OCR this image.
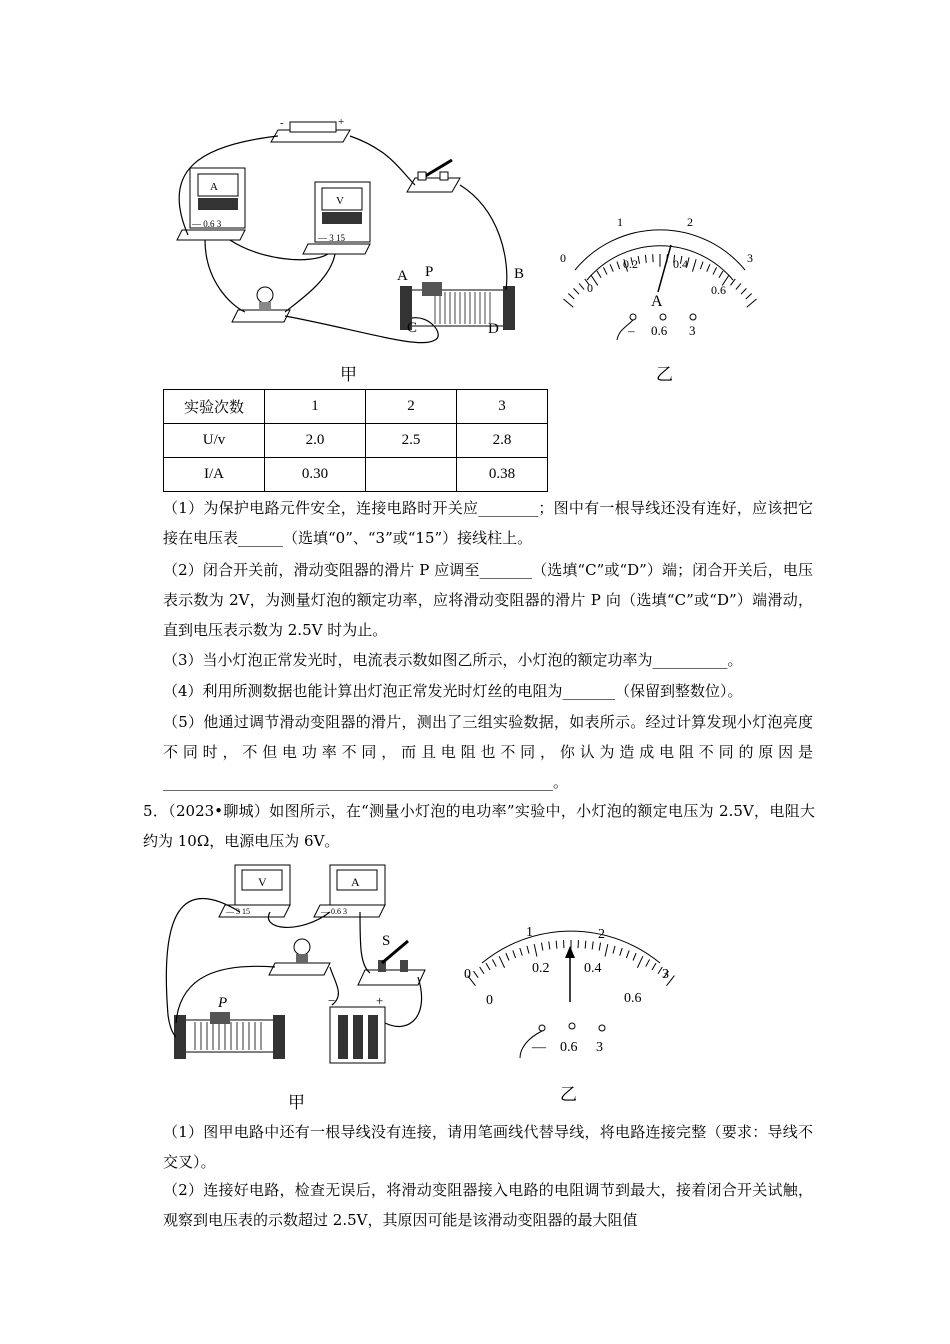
-	+
A
— 0.6 3
V
— 3 15
A P	B
C	D
0
1	2
3
0
0.2	0.4
0.6
A
– 0.6 3
甲	乙
实验次数	1	2	3
U/v	2.0	2.5	2.8
I/A	0.30		0.38
（1）为保护电路元件安全，连接电路时开关应________；图中有一根导线还没有连好，应该把它接在电压表______（选填“0”、“3”或“15”）接线柱上。
（2）闭合开关前，滑动变阻器的滑片 P 应调至_______（选填“C”或“D”）端；闭合开关后，电压表示数为 2V，为测量灯泡的额定功率，应将滑动变阻器的滑片 P 向（选填“C”或“D”）端滑动，直到电压表示数为 2.5V 时为止。
（3）当小灯泡正常发光时，电流表示数如图乙所示，小灯泡的额定功率为__________。
（4）利用所测数据也能计算出灯泡正常发光时灯丝的电阻为_______（保留到整数位）。
（5）他通过调节滑动变阻器的滑片，测出了三组实验数据，如表所示。经过计算发现小灯泡亮度不同时，不但电功率不同，而且电阻也不同，你认为造成电阻不同的原因是____________________________________________________。
5．（2023•聊城）如图所示，在“测量小灯泡的电功率”实验中，小灯泡的额定电压为 2.5V，电阻大约为 10Ω，电源电压为 6V。
V
— 3 15
A
— 0.6 3
S
P	−	+
0
1	2
3
0
0.2 0.4
0.6
— 0.6 3
甲	乙
（1）图甲电路中还有一根导线没有连接，请用笔画线代替导线，将电路连接完整（要求：导线不交叉）。
（2）连接好电路，检查无误后，将滑动变阻器接入电路的电阻调节到最大，接着闭合开关试触，观察到电压表的示数超过 2.5V，其原因可能是该滑动变阻器的最大阻值
